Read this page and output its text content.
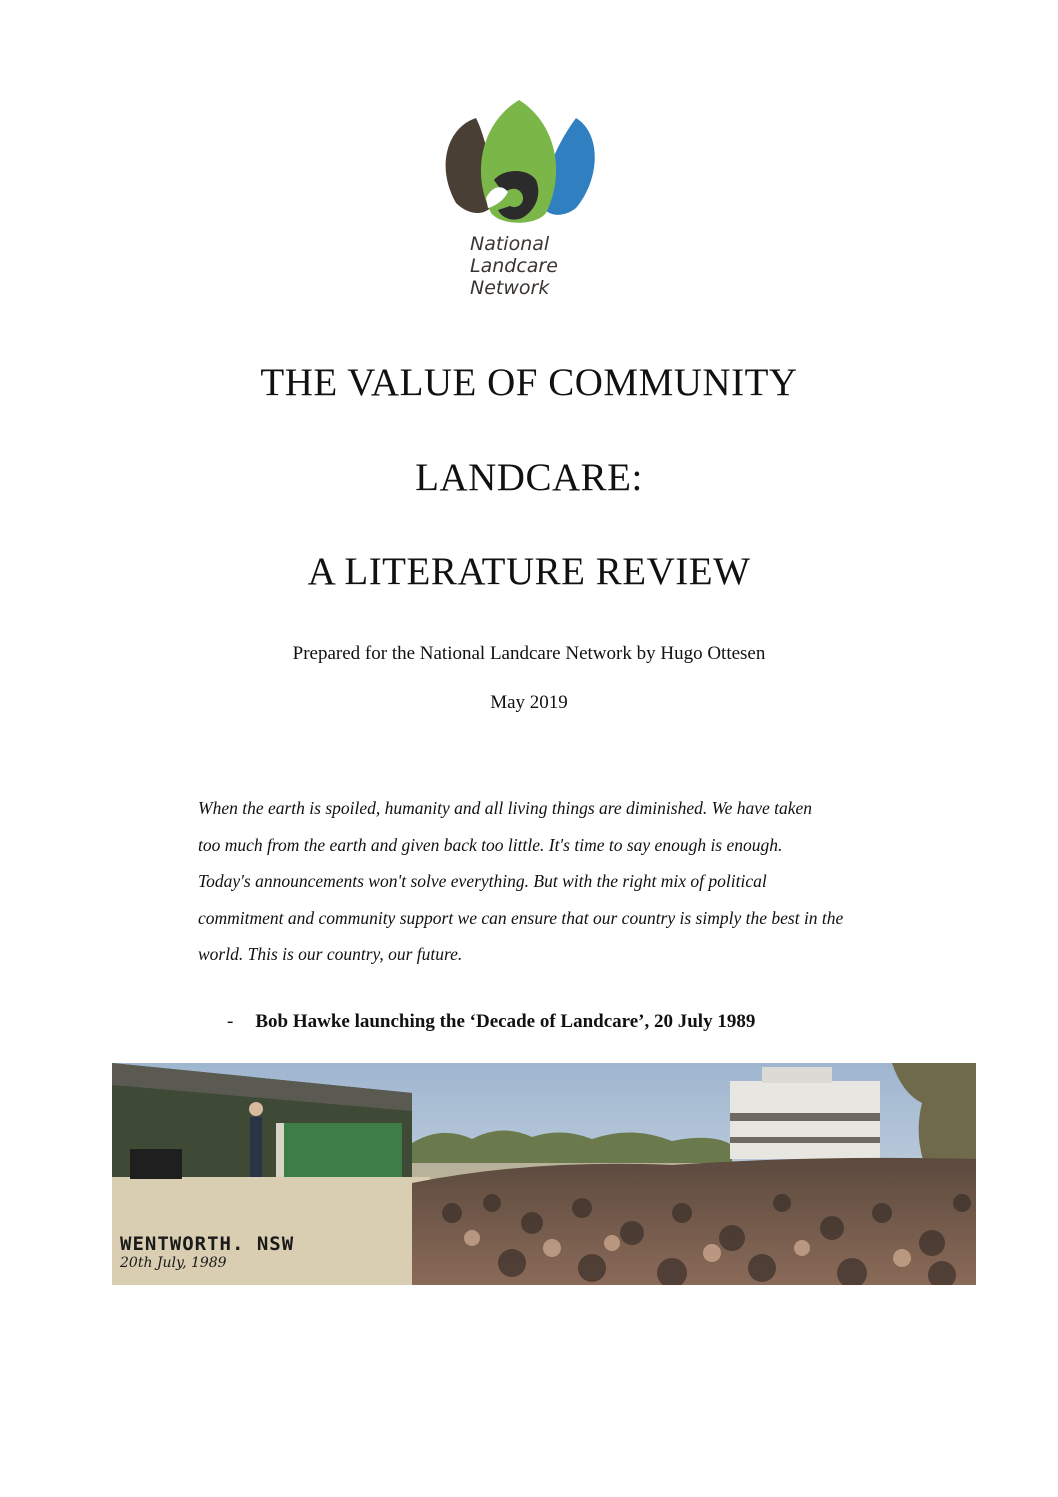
National
Landcare
Network
THE VALUE OF COMMUNITY
LANDCARE:
A LITERATURE REVIEW
Prepared for the National Landcare Network by Hugo Ottesen
May 2019
When the earth is spoiled, humanity and all living things are diminished. We have taken
too much from the earth and given back too little. It's time to say enough is enough.
Today's announcements won't solve everything. But with the right mix of political
commitment and community support we can ensure that our country is simply the best in the
world. This is our country, our future.
- Bob Hawke launching the ‘Decade of Landcare’, 20 July 1989
WENTWORTH. NSW
20th July, 1989
